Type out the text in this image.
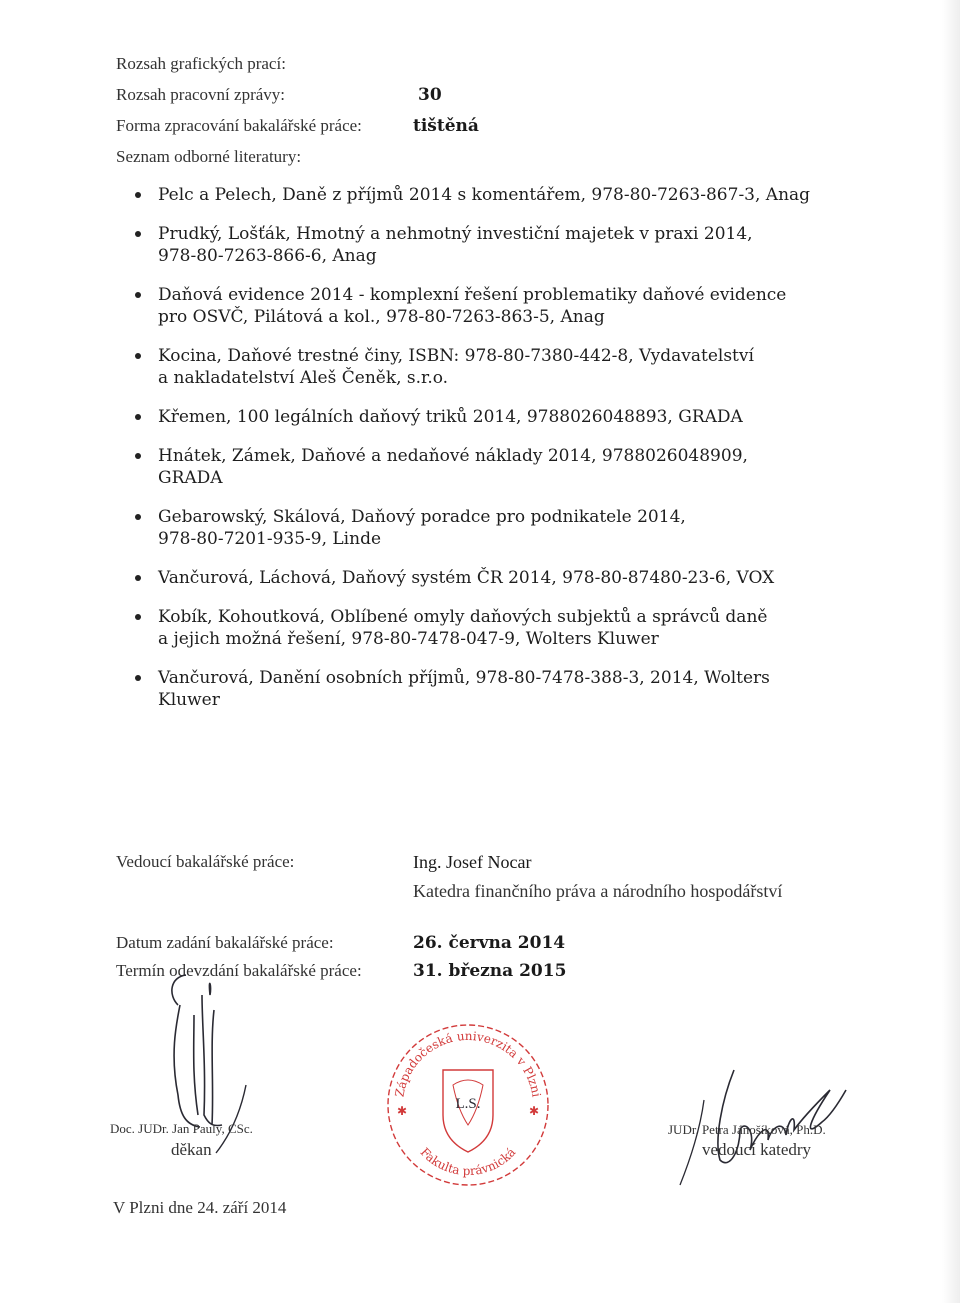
Rozsah grafických prací:
Rozsah pracovní zprávy:	30
Forma zpracování bakalářské práce:	tištěná
Seznam odborné literatury:
Pelc a Pelech, Daně z příjmů 2014 s komentářem, 978-80-7263-867-3, Anag
Prudký, Lošťák, Hmotný a nehmotný investiční majetek v praxi 2014,
978-80-7263-866-6, Anag
Daňová evidence 2014 - komplexní řešení problematiky daňové evidence
pro OSVČ, Pilátová a kol., 978-80-7263-863-5, Anag
Kocina, Daňové trestné činy, ISBN: 978-80-7380-442-8, Vydavatelství
a nakladatelství Aleš Čeněk, s.r.o.
Křemen, 100 legálních daňový triků 2014, 9788026048893, GRADA
Hnátek, Zámek, Daňové a nedaňové náklady 2014, 9788026048909,
GRADA
Gebarowský, Skálová, Daňový poradce pro podnikatele 2014,
978-80-7201-935-9, Linde
Vančurová, Láchová, Daňový systém ČR 2014, 978-80-87480-23-6, VOX
Kobík, Kohoutková, Oblíbené omyly daňových subjektů a správců daně
a jejich možná řešení, 978-80-7478-047-9, Wolters Kluwer
Vančurová, Danění osobních příjmů, 978-80-7478-388-3, 2014, Wolters
Kluwer
Vedoucí bakalářské práce:	Ing. Josef Nocar
Katedra finančního práva a národního hospodářství
Datum zadání bakalářské práce:	26. června 2014
Termín odevzdání bakalářské práce:	31. března 2015
Doc. JUDr. Jan Pauly, CSc.
děkan
Západočeská univerzita v Plzni
Fakulta právnická
✱	✱
L.S.
JUDr. Petra Jánošíková, Ph.D.
vedoucí katedry
V Plzni dne 24. září 2014
